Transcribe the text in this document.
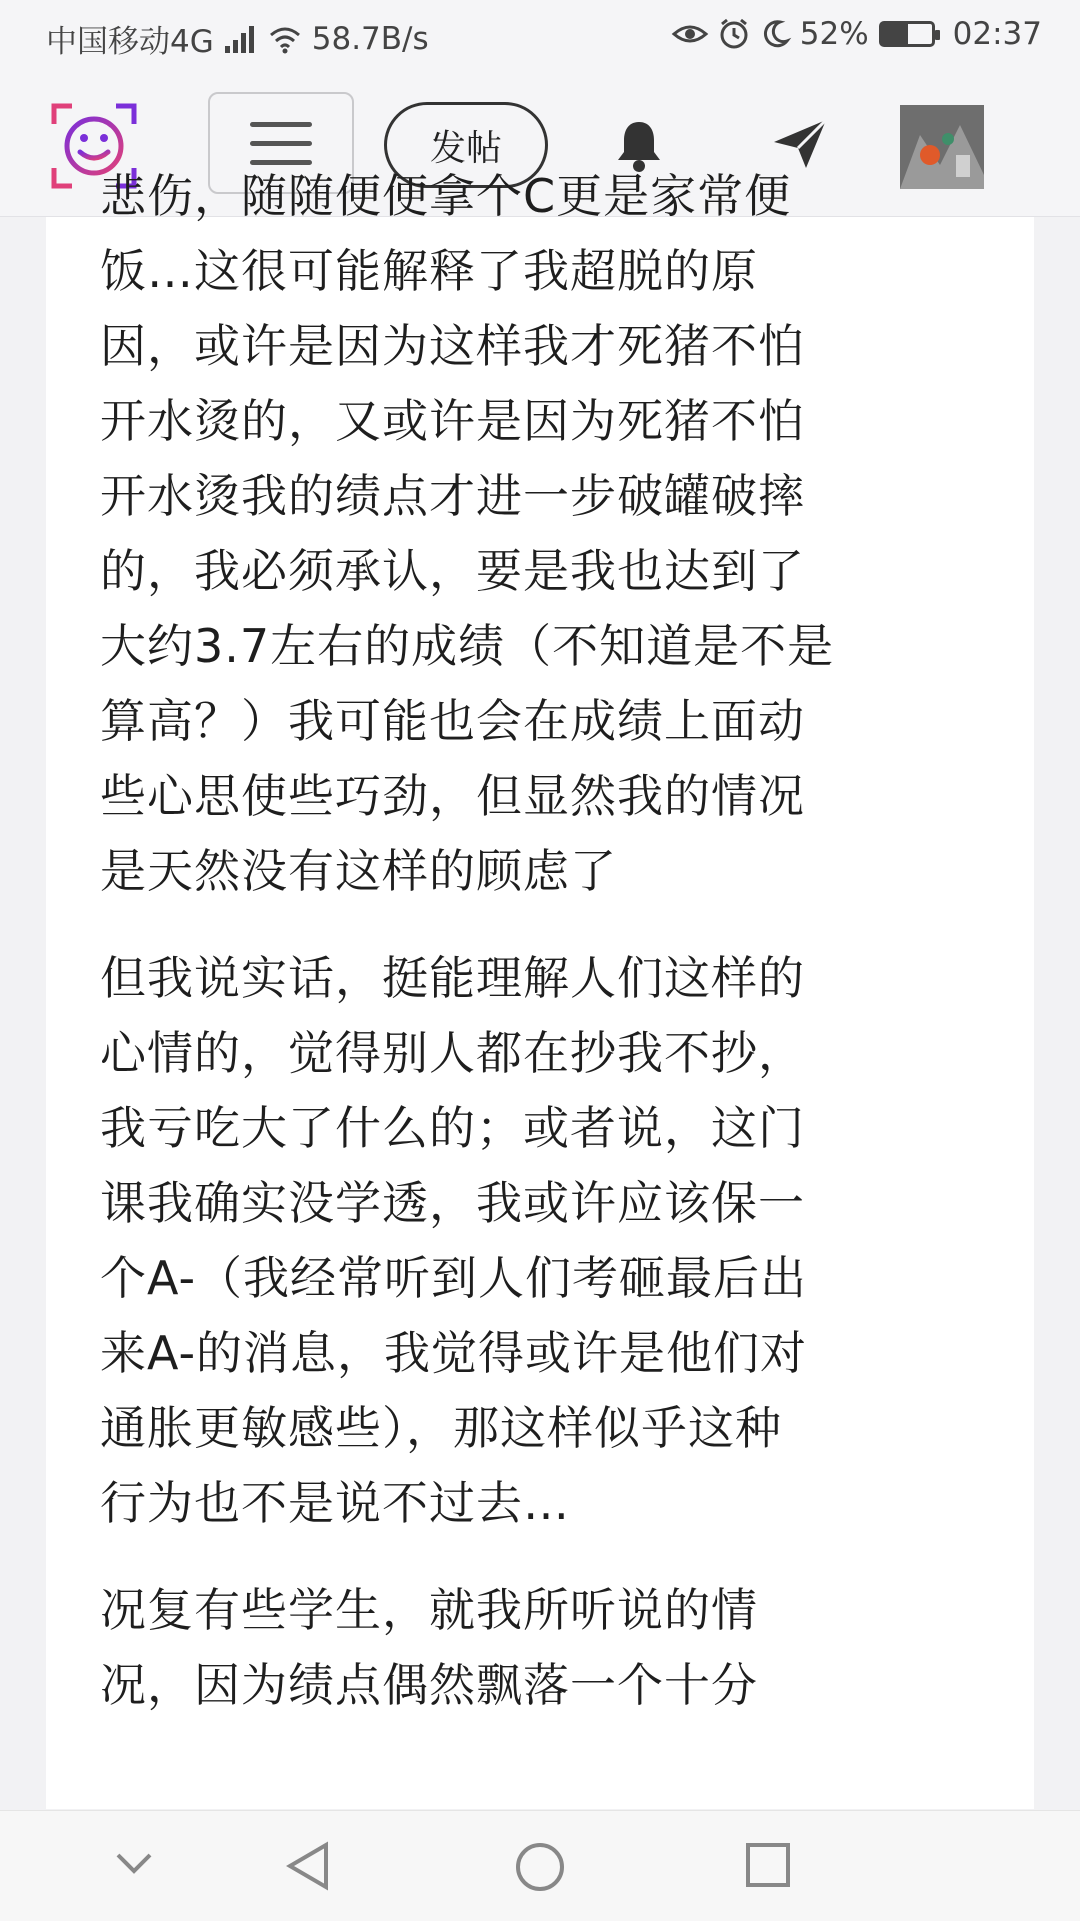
中国移动4G	58.7B/s	52%	02:37
发帖

悲伤，随随便便拿个C更是家常便
饭…这很可能解释了我超脱的原
因，或许是因为这样我才死猪不怕
开水烫的，又或许是因为死猪不怕
开水烫我的绩点才进一步破罐破摔
的，我必须承认，要是我也达到了
大约3.7左右的成绩（不知道是不是
算高？）我可能也会在成绩上面动
些心思使些巧劲，但显然我的情况
是天然没有这样的顾虑了

但我说实话，挺能理解人们这样的
心情的，觉得别人都在抄我不抄，
我亏吃大了什么的；或者说，这门
课我确实没学透，我或许应该保一
个A-（我经常听到人们考砸最后出
来A-的消息，我觉得或许是他们对
通胀更敏感些），那这样似乎这种
行为也不是说不过去…

况复有些学生，就我所听说的情
况，因为绩点偶然飘落一个十分
